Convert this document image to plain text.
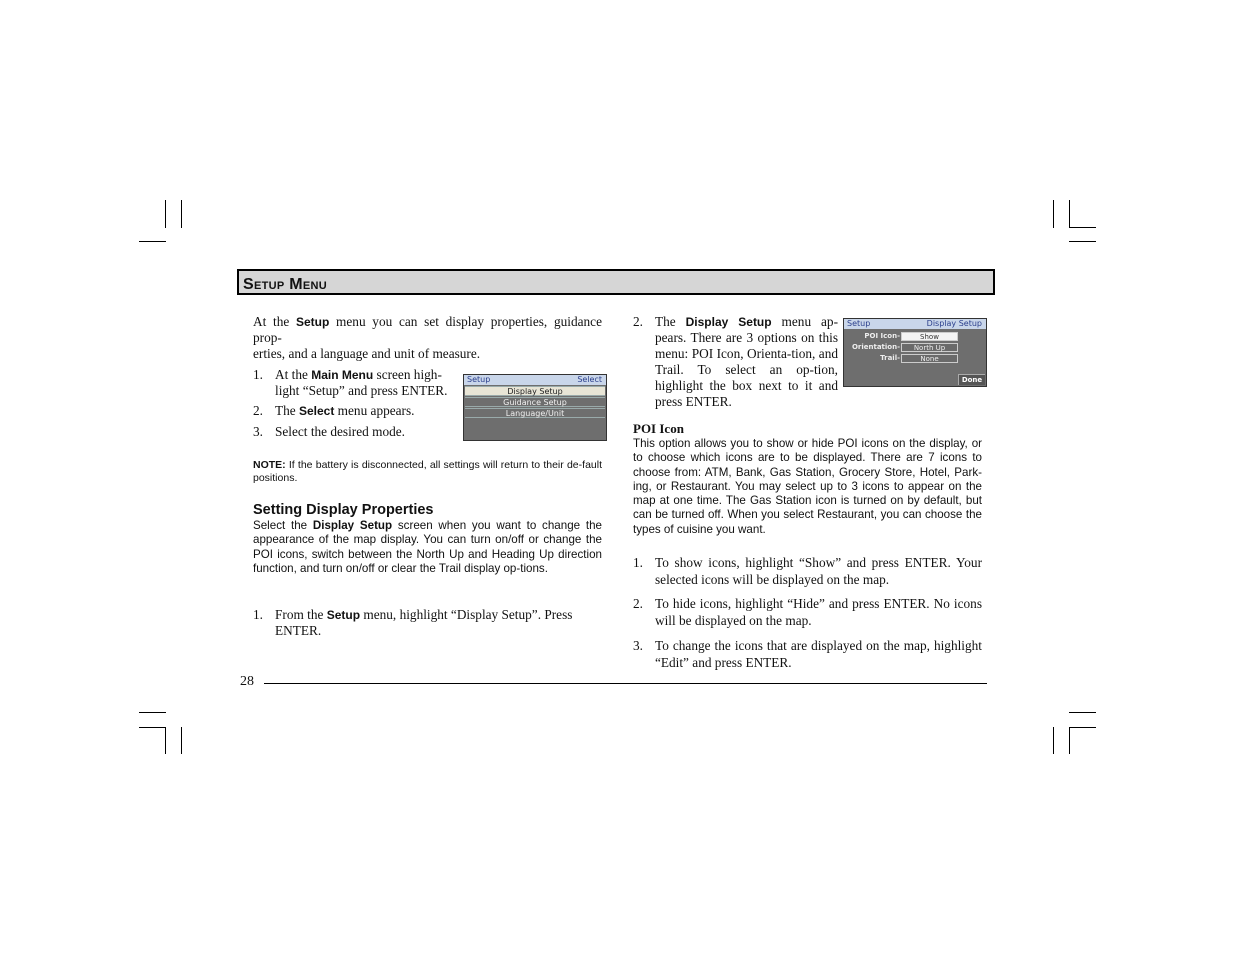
Setup Menu
At the Setup menu you can set display properties, guidance prop-
erties, and a language and unit of measure.
1. At the Main Menu screen high-
light “Setup” and press ENTER.
2. The Select menu appears.
3. Select the desired mode.
Setup	Select
Display Setup
Guidance Setup
Language/Unit
NOTE: If the battery is disconnected, all settings will return to their de-fault positions.
Setting Display Properties
Select the Display Setup screen when you want to change the appearance of the map display. You can turn on/off or change the POI icons, switch between the North Up and Heading Up direction function, and turn on/off or clear the Trail display op-tions.
1. From the Setup menu, highlight “Display Setup”. Press
ENTER.
2. The Display Setup menu ap-pears. There are 3 options on this menu: POI Icon, Orienta-tion, and Trail. To select an op-tion, highlight the box next to it and press ENTER.
Setup	Display Setup
POI Icon-	Show
Orientation-	North Up
Trail-	None
Done
POI Icon
This option allows you to show or hide POI icons on the display, or to choose which icons are to be displayed. There are 7 icons to choose from: ATM, Bank, Gas Station, Grocery Store, Hotel, Park-ing, or Restaurant. You may select up to 3 icons to appear on the map at one time. The Gas Station icon is turned on by default, but can be turned off. When you select Restaurant, you can choose the types of cuisine you want.
1. To show icons, highlight “Show” and press ENTER. Your selected icons will be displayed on the map.
2. To hide icons, highlight “Hide” and press ENTER. No icons will be displayed on the map.
3. To change the icons that are displayed on the map, highlight “Edit” and press ENTER.
28
